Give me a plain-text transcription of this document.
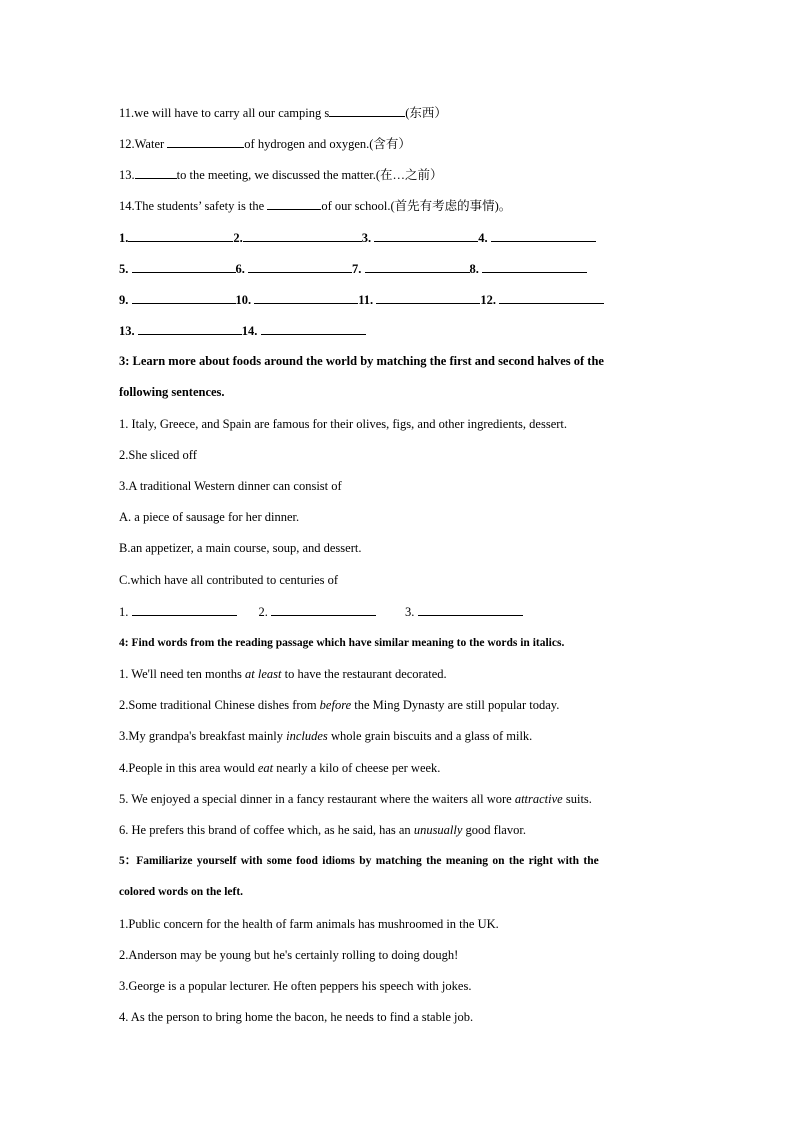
11.we will have to carry all our camping s	(东西）
12.Water	of hydrogen and oxygen.(含有）
13.	to the meeting, we discussed the matter.(在…之前）
14.The students’ safety is the	of our school.(首先有考虑的事情)。
1.	2.	3.	4.
5.	6.	7.	8.
9.	10.	11.	12.
13.	14.
3: Learn more about foods around the world by matching the first and second halves of the
following sentences.
1. Italy, Greece, and Spain are famous for their olives, figs, and other ingredients, dessert.
2.She sliced off
3.A traditional Western dinner can consist of
A. a piece of sausage for her dinner.
B.an appetizer, a main course, soup, and dessert.
C.which have all contributed to centuries of
1.	2.	3.
4: Find words from the reading passage which have similar meaning to the words in italics.
1. We'll need ten months at least to have the restaurant decorated.
2.Some traditional Chinese dishes from before the Ming Dynasty are still popular today.
3.My grandpa's breakfast mainly includes whole grain biscuits and a glass of milk.
4.People in this area would eat nearly a kilo of cheese per week.
5. We enjoyed a special dinner in a fancy restaurant where the waiters all wore attractive suits.
6. He prefers this brand of coffee which, as he said, has an unusually good flavor.
5：Familiarize yourself with some food idioms by matching the meaning on the right with the
colored words on the left.
1.Public concern for the health of farm animals has mushroomed in the UK.
2.Anderson may be young but he's certainly rolling to doing dough!
3.George is a popular lecturer. He often peppers his speech with jokes.
4. As the person to bring home the bacon, he needs to find a stable job.
